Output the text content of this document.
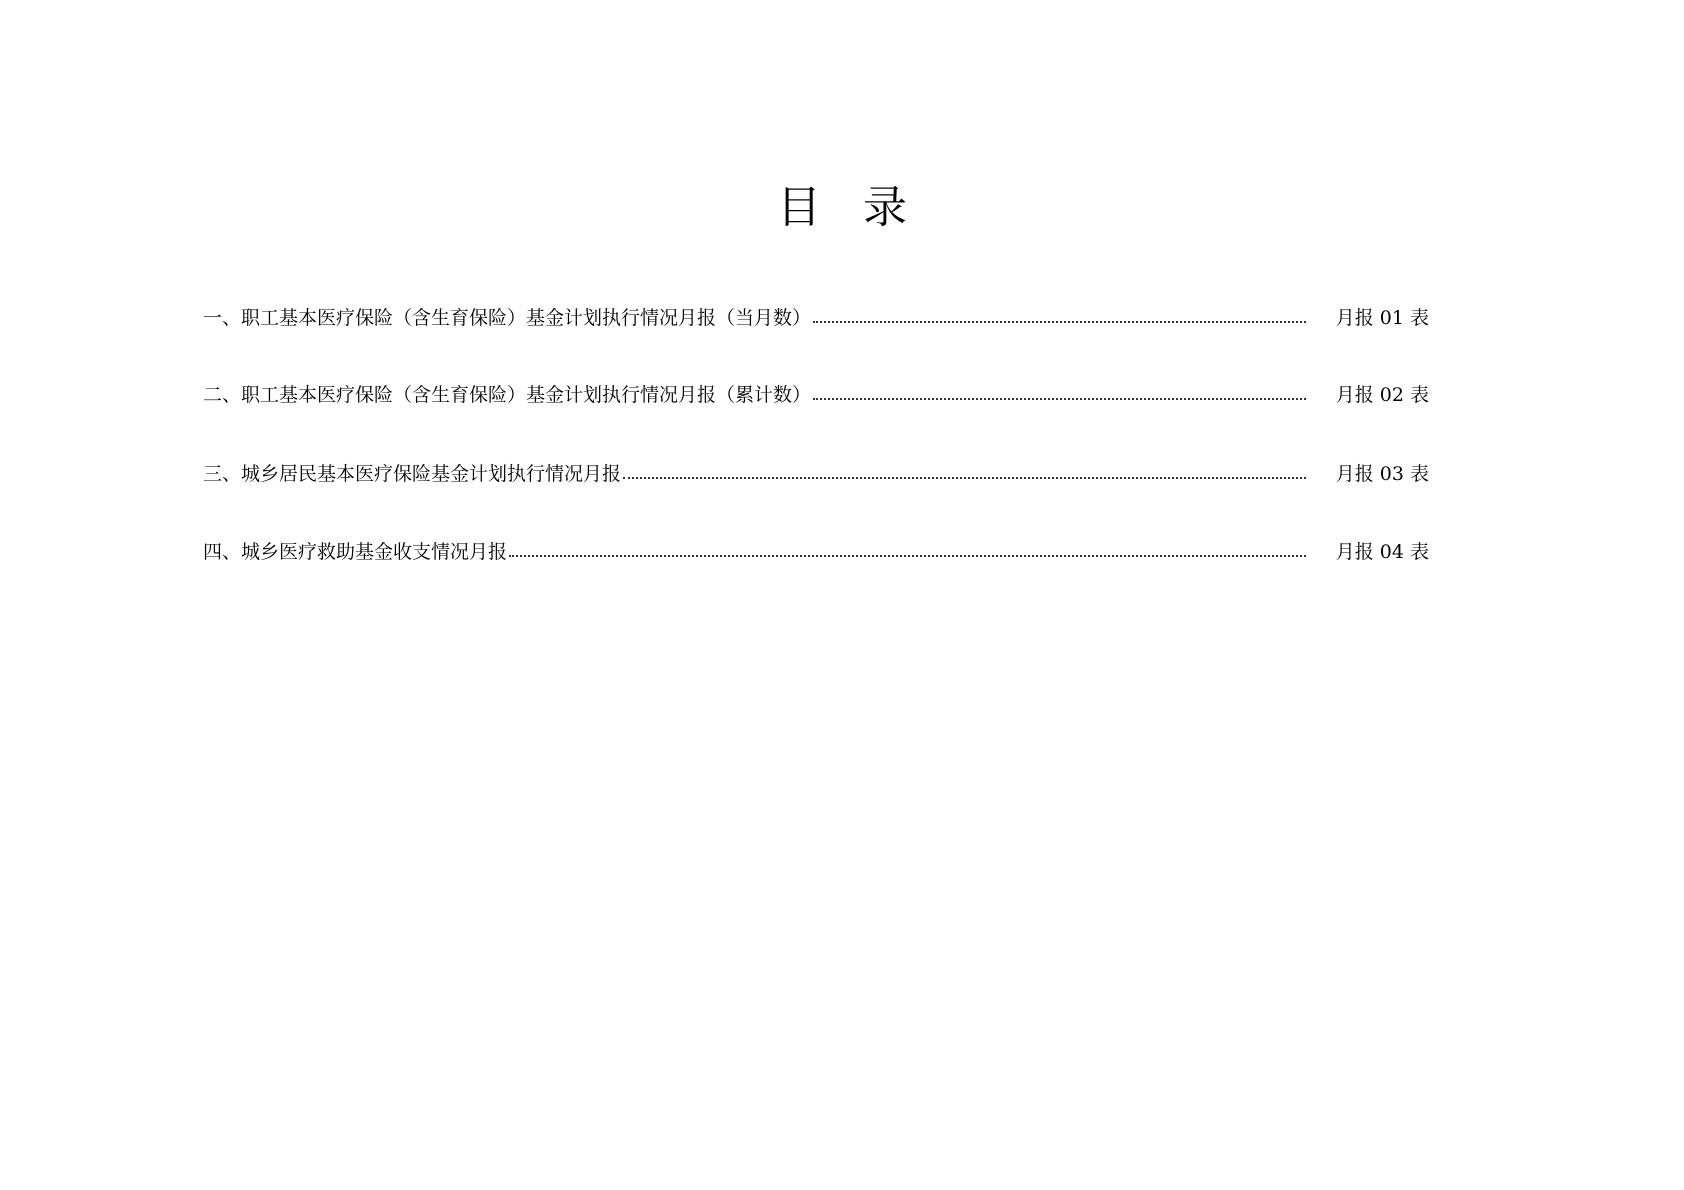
目 录
一、职工基本医疗保险（含生育保险）基金计划执行情况月报（当月数）	月报 01 表
二、职工基本医疗保险（含生育保险）基金计划执行情况月报（累计数）	月报 02 表
三、城乡居民基本医疗保险基金计划执行情况月报	月报 03 表
四、城乡医疗救助基金收支情况月报	月报 04 表
